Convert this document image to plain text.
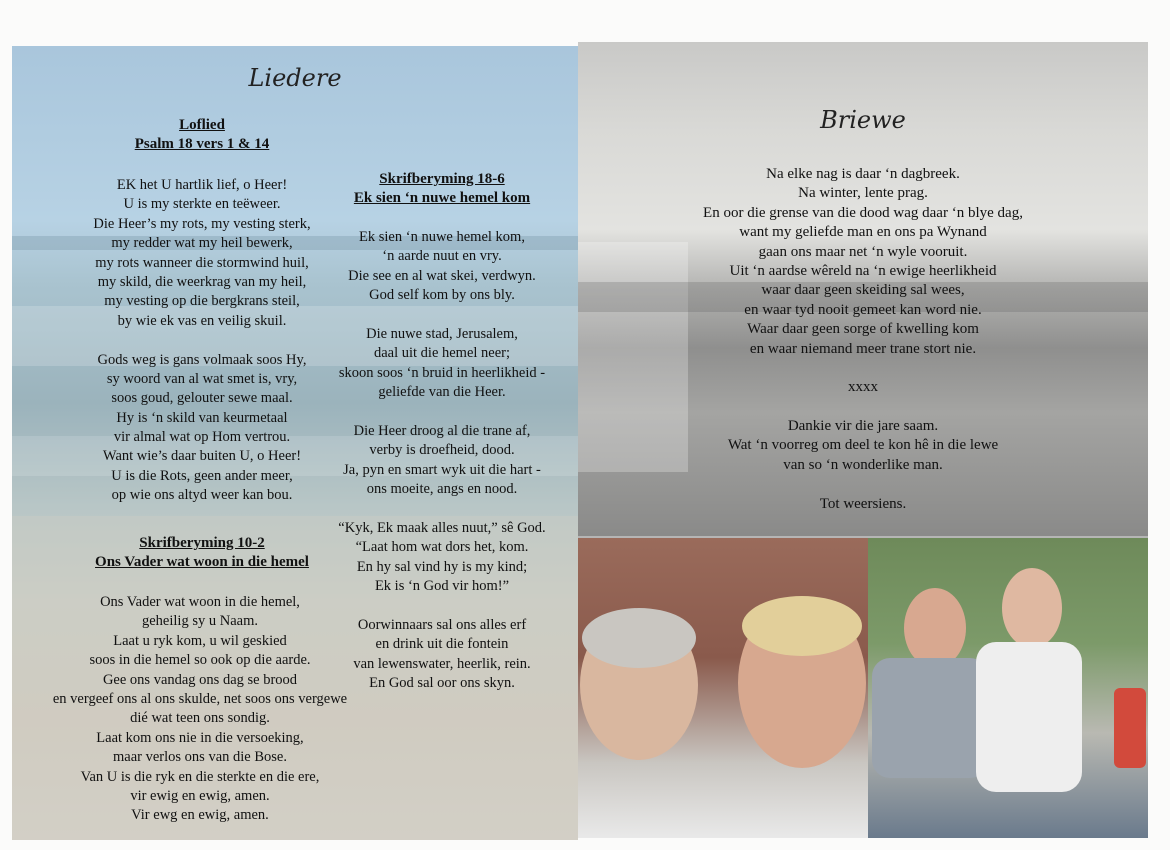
Liedere
Loflied
Psalm 18 vers 1 & 14
EK het U hartlik lief, o Heer!
U is my sterkte en teëweer.
Die Heer’s my rots, my vesting sterk,
my redder wat my heil bewerk,
my rots wanneer die stormwind huil,
my skild, die weerkrag van my heil,
my vesting op die bergkrans steil,
by wie ek vas en veilig skuil.
Gods weg is gans volmaak soos Hy,
sy woord van al wat smet is, vry,
soos goud, gelouter sewe maal.
Hy is ‘n skild van keurmetaal
vir almal wat op Hom vertrou.
Want wie’s daar buiten U, o Heer!
U is die Rots, geen ander meer,
op wie ons altyd weer kan bou.
Skrifberyming 18-6
Ek sien ‘n nuwe hemel kom
Ek sien ‘n nuwe hemel kom,
‘n aarde nuut en vry.
Die see en al wat skei, verdwyn.
God self kom by ons bly.
Die nuwe stad, Jerusalem,
daal uit die hemel neer;
skoon soos ‘n bruid in heerlikheid -
geliefde van die Heer.
Die Heer droog al die trane af,
verby is droefheid, dood.
Ja, pyn en smart wyk uit die hart -
ons moeite, angs en nood.
“Kyk, Ek maak alles nuut,” sê God.
“Laat hom wat dors het, kom.
En hy sal vind hy is my kind;
Ek is ‘n God vir hom!”
Oorwinnaars sal ons alles erf
en drink uit die fontein
van lewenswater, heerlik, rein.
En God sal oor ons skyn.
Skrifberyming 10-2
Ons Vader wat woon in die hemel
Ons Vader wat woon in die hemel,
geheilig sy u Naam.
Laat u ryk kom, u wil geskied
soos in die hemel so ook op die aarde.
Gee ons vandag ons dag se brood
en vergeef ons al ons skulde, net soos ons vergewe
dié wat teen ons sondig.
Laat kom ons nie in die versoeking,
maar verlos ons van die Bose.
Van U is die ryk en die sterkte en die ere,
vir ewig en ewig, amen.
Vir ewg en ewig, amen.
Briewe
Na elke nag is daar ‘n dagbreek.
Na winter, lente prag.
En oor die grense van die dood wag daar ‘n blye dag,
want my geliefde man en ons pa Wynand
gaan ons maar net ‘n wyle vooruit.
Uit ‘n aardse wêreld na ‘n ewige heerlikheid
waar daar geen skeiding sal wees,
en waar tyd nooit gemeet kan word nie.
Waar daar geen sorge of kwelling kom
en waar niemand meer trane stort nie.
xxxx
Dankie vir die jare saam.
Wat ‘n voorreg om deel te kon hê in die lewe
van so ‘n wonderlike man.
Tot weersiens.
